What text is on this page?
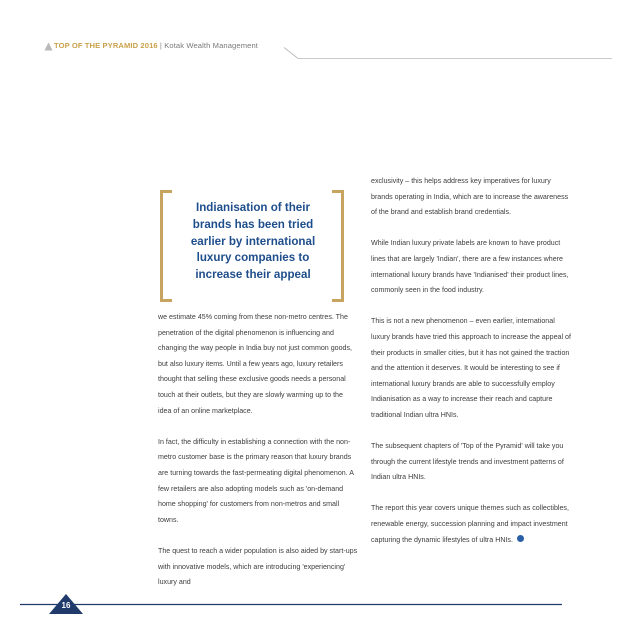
TOP OF THE PYRAMID 2016 | Kotak Wealth Management
Indianisation of their brands has been tried earlier by international luxury companies to increase their appeal

we estimate 45% coming from these non-metro centres. The penetration of the digital phenomenon is influencing and changing the way people in India buy not just common goods, but also luxury items. Until a few years ago, luxury retailers thought that selling these exclusive goods needs a personal touch at their outlets, but they are slowly warming up to the idea of an online marketplace.

In fact, the difficulty in establishing a connection with the non-metro customer base is the primary reason that luxury brands are turning towards the fast-permeating digital phenomenon. A few retailers are also adopting models such as 'on-demand home shopping' for customers from non-metros and small towns.

The quest to reach a wider population is also aided by start-ups with innovative models, which are introducing 'experiencing' luxury and

exclusivity – this helps address key imperatives for luxury brands operating in India, which are to increase the awareness of the brand and establish brand credentials.

While Indian luxury private labels are known to have product lines that are largely 'Indian', there are a few instances where international luxury brands have 'Indianised' their product lines, commonly seen in the food industry.

This is not a new phenomenon – even earlier, international luxury brands have tried this approach to increase the appeal of their products in smaller cities, but it has not gained the traction and the attention it deserves. It would be interesting to see if international luxury brands are able to successfully employ Indianisation as a way to increase their reach and capture traditional Indian ultra HNIs.

The subsequent chapters of 'Top of the Pyramid' will take you through the current lifestyle trends and investment patterns of Indian ultra HNIs.

The report this year covers unique themes such as collectibles, renewable energy, succession planning and impact investment capturing the dynamic lifestyles of ultra HNIs.

16
